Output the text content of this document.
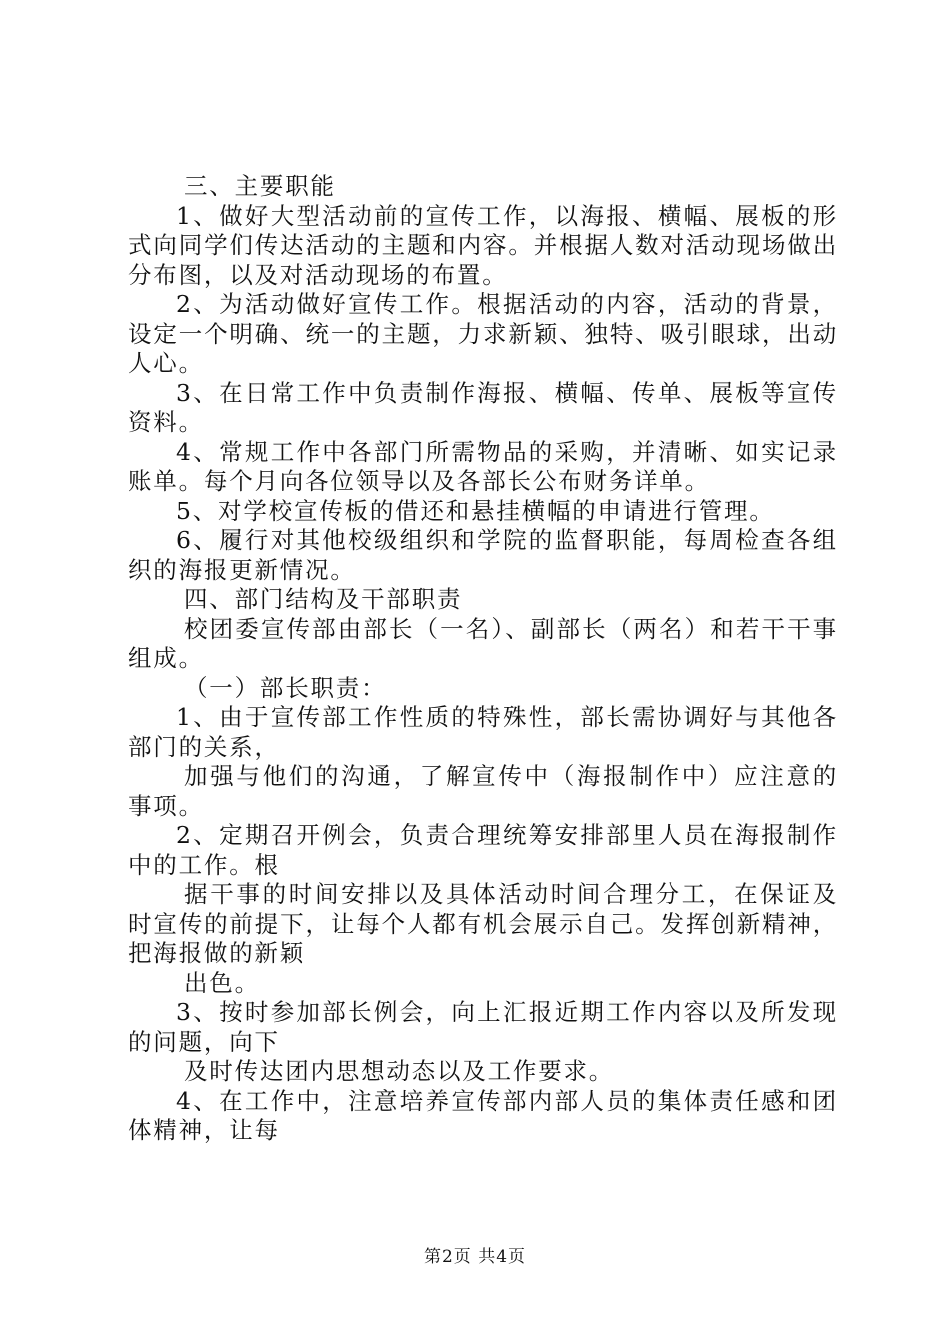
三、主要职能

1、做好大型活动前的宣传工作，以海报、横幅、展板的形式向同学们传达活动的主题和内容。并根据人数对活动现场做出分布图，以及对活动现场的布置。

2、为活动做好宣传工作。根据活动的内容，活动的背景，设定一个明确、统一的主题，力求新颖、独特、吸引眼球，出动人心。

3、在日常工作中负责制作海报、横幅、传单、展板等宣传资料。

4、常规工作中各部门所需物品的采购，并清晰、如实记录账单。每个月向各位领导以及各部长公布财务详单。

5、对学校宣传板的借还和悬挂横幅的申请进行管理。

6、履行对其他校级组织和学院的监督职能，每周检查各组织的海报更新情况。

四、部门结构及干部职责

校团委宣传部由部长（一名）、副部长（两名）和若干干事组成。

（一）部长职责：

1、由于宣传部工作性质的特殊性，部长需协调好与其他各部门的关系，

加强与他们的沟通，了解宣传中（海报制作中）应注意的事项。

2、定期召开例会，负责合理统筹安排部里人员在海报制作中的工作。根

据干事的时间安排以及具体活动时间合理分工，在保证及时宣传的前提下，让每个人都有机会展示自己。发挥创新精神，把海报做的新颖

出色。

3、按时参加部长例会，向上汇报近期工作内容以及所发现的问题，向下

及时传达团内思想动态以及工作要求。

4、在工作中，注意培养宣传部内部人员的集体责任感和团体精神，让每

第2页 共4页
